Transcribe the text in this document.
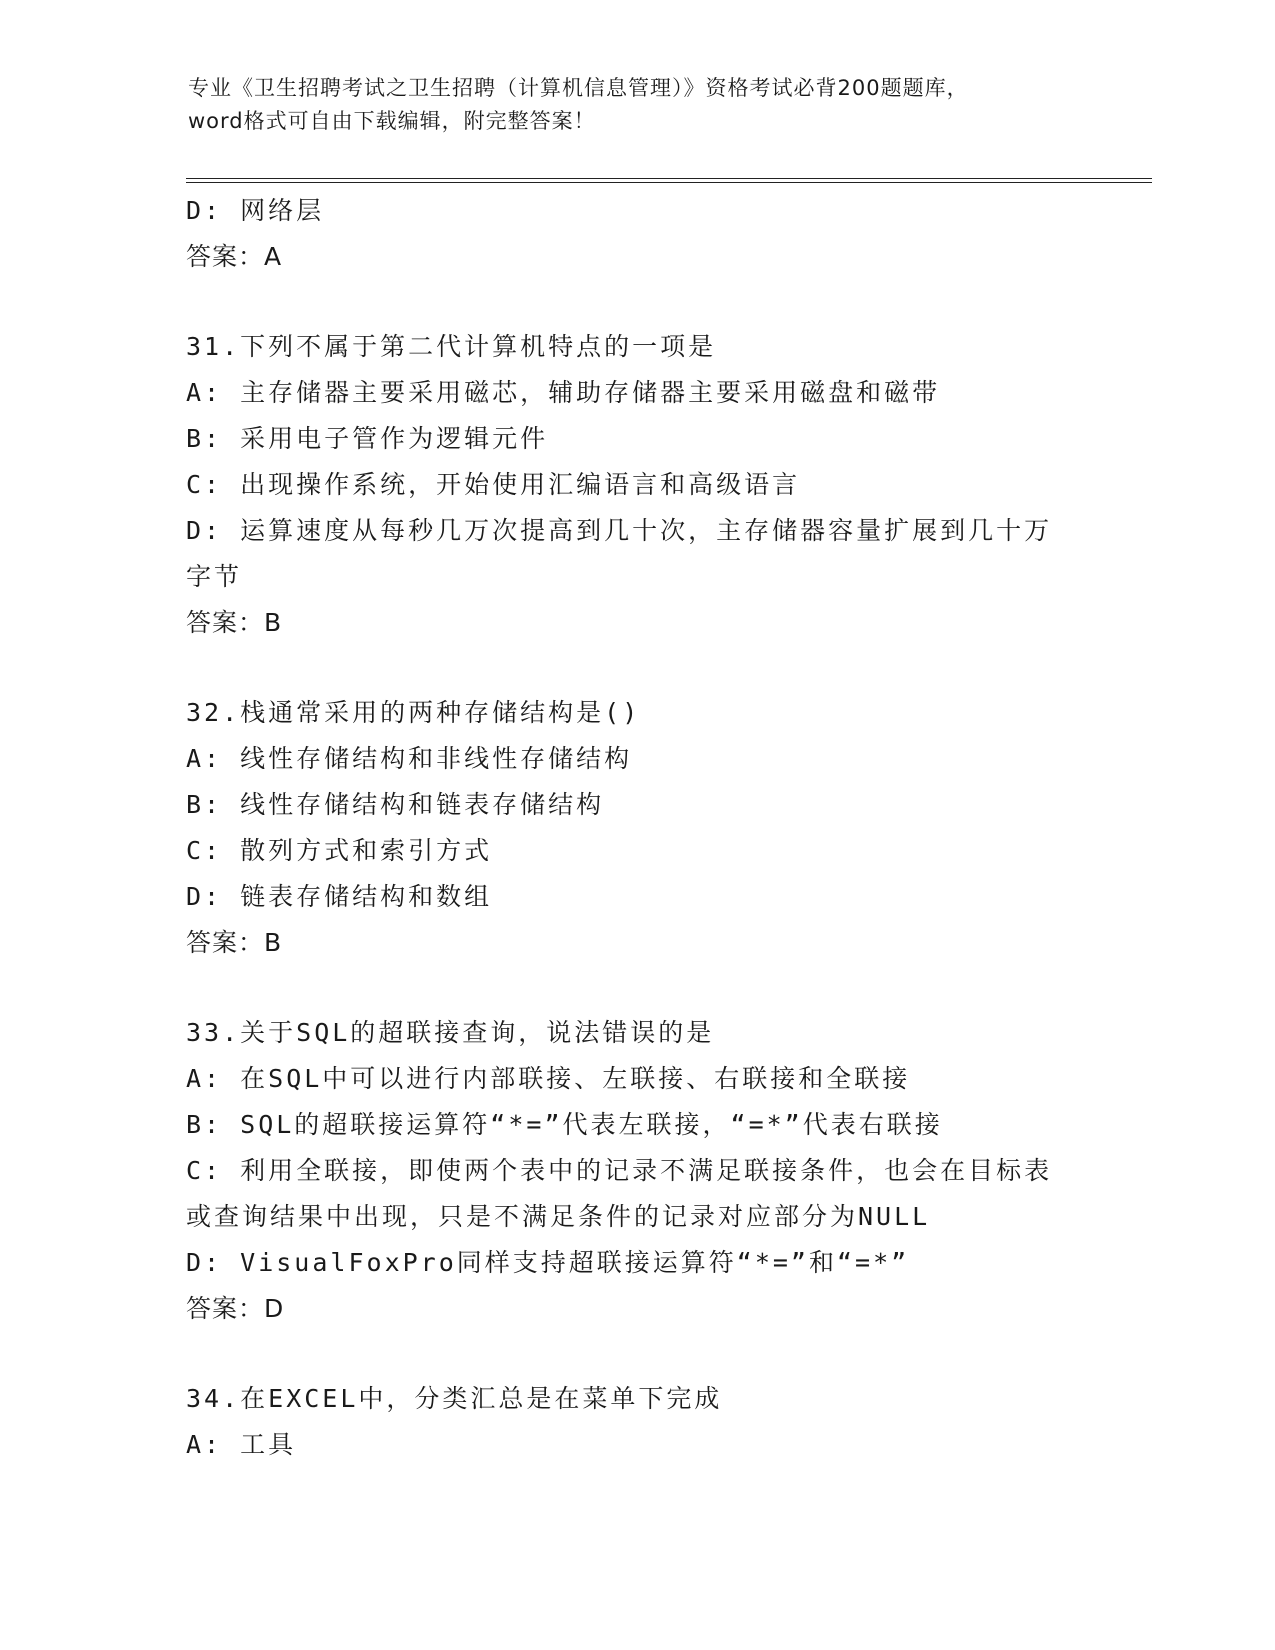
专业《卫生招聘考试之卫生招聘（计算机信息管理）》资格考试必背200题题库，
word格式可自由下载编辑，附完整答案！
D: 网络层
答案：A
31.下列不属于第二代计算机特点的一项是
A: 主存储器主要采用磁芯，辅助存储器主要采用磁盘和磁带
B: 采用电子管作为逻辑元件
C: 出现操作系统，开始使用汇编语言和高级语言
D: 运算速度从每秒几万次提高到几十次，主存储器容量扩展到几十万字节
答案：B
32.栈通常采用的两种存储结构是()
A: 线性存储结构和非线性存储结构
B: 线性存储结构和链表存储结构
C: 散列方式和索引方式
D: 链表存储结构和数组
答案：B
33.关于SQL的超联接查询，说法错误的是
A: 在SQL中可以进行内部联接、左联接、右联接和全联接
B: SQL的超联接运算符“*=”代表左联接，“=*”代表右联接
C: 利用全联接，即使两个表中的记录不满足联接条件，也会在目标表或查询结果中出现，只是不满足条件的记录对应部分为NULL
D: VisualFoxPro同样支持超联接运算符“*=”和“=*”
答案：D
34.在EXCEL中，分类汇总是在菜单下完成
A: 工具
